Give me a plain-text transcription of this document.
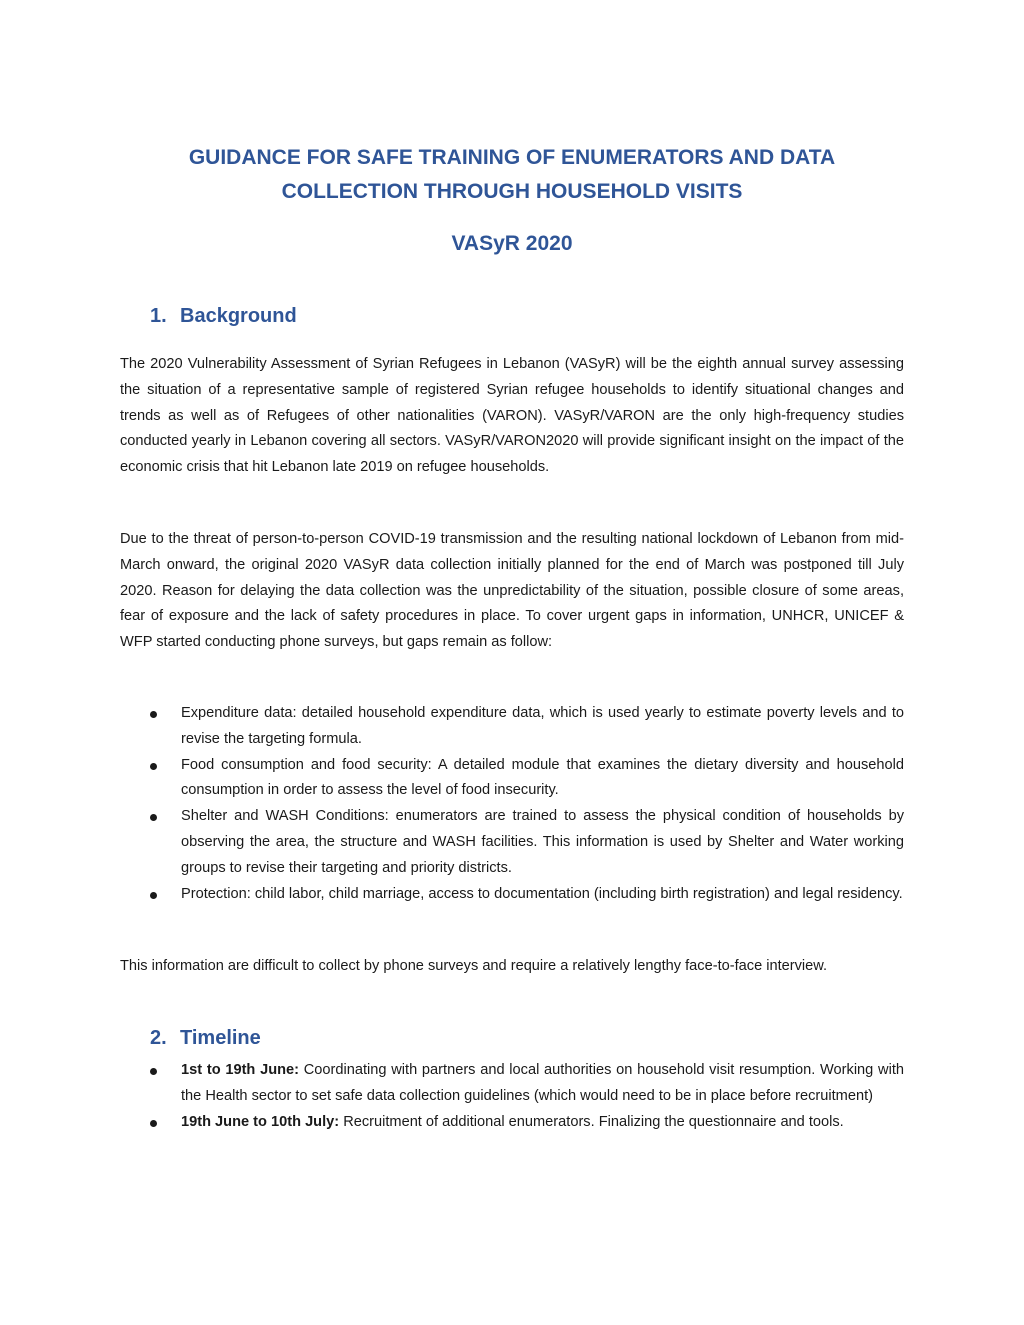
GUIDANCE FOR SAFE TRAINING OF ENUMERATORS AND DATA
COLLECTION THROUGH HOUSEHOLD VISITS
VASyR 2020
1. Background

The 2020 Vulnerability Assessment of Syrian Refugees in Lebanon (VASyR) will be the eighth annual survey assessing the situation of a representative sample of registered Syrian refugee households to identify situational changes and trends as well as of Refugees of other nationalities (VARON). VASyR/VARON are the only high-frequency studies conducted yearly in Lebanon covering all sectors. VASyR/VARON2020 will provide significant insight on the impact of the economic crisis that hit Lebanon late 2019 on refugee households.

Due to the threat of person-to-person COVID-19 transmission and the resulting national lockdown of Lebanon from mid-March onward, the original 2020 VASyR data collection initially planned for the end of March was postponed till July 2020. Reason for delaying the data collection was the unpredictability of the situation, possible closure of some areas, fear of exposure and the lack of safety procedures in place. To cover urgent gaps in information, UNHCR, UNICEF & WFP started conducting phone surveys, but gaps remain as follow:

Expenditure data: detailed household expenditure data, which is used yearly to estimate poverty levels and to revise the targeting formula.
Food consumption and food security: A detailed module that examines the dietary diversity and household consumption in order to assess the level of food insecurity.
Shelter and WASH Conditions: enumerators are trained to assess the physical condition of households by observing the area, the structure and WASH facilities. This information is used by Shelter and Water working groups to revise their targeting and priority districts.
Protection: child labor, child marriage, access to documentation (including birth registration) and legal residency.

This information are difficult to collect by phone surveys and require a relatively lengthy face-to-face interview.

2. Timeline
1st to 19th June: Coordinating with partners and local authorities on household visit resumption. Working with the Health sector to set safe data collection guidelines (which would need to be in place before recruitment)
19th June to 10th July: Recruitment of additional enumerators. Finalizing the questionnaire and tools.
